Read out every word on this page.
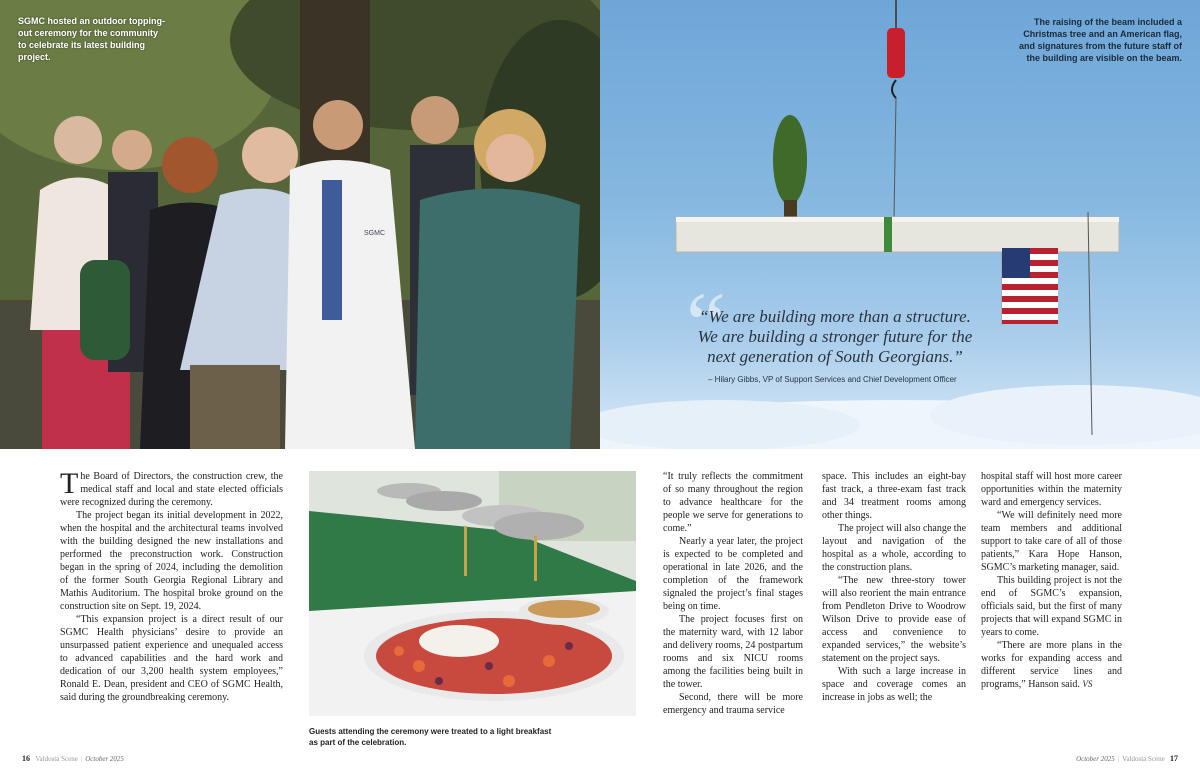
SGMC
SGMC hosted an outdoor topping-out ceremony for the community to celebrate its latest building project.
The raising of the beam included a Christmas tree and an American flag, and signatures from the future staff of the building are visible on the beam.
“
“We are building more than a structure. We are building a stronger future for the next generation of South Georgians.”
– Hilary Gibbs, VP of Support Services and Chief Development Officer

The Board of Directors, the construction crew, the medical staff and local and state elected officials were recognized during the ceremony.

The project began its initial development in 2022, when the hospital and the architectural teams involved with the building designed the new installations and performed the preconstruction work. Construction began in the spring of 2024, including the demolition of the former South Georgia Regional Library and Mathis Auditorium. The hospital broke ground on the construction site on Sept. 19, 2024.

“This expansion project is a direct result of our SGMC Health physicians’ desire to provide an unsurpassed patient experience and unequaled access to advanced capabilities and the hard work and dedication of our 3,200 health system employees,” Ronald E. Dean, president and CEO of SGMC Health, said during the groundbreaking ceremony.

Guests attending the ceremony were treated to a light breakfast as part of the celebration.

“It truly reflects the commitment of so many throughout the region to advance healthcare for the people we serve for generations to come.”

Nearly a year later, the project is expected to be completed and operational in late 2026, and the completion of the framework signaled the project’s final stages being on time.

The project focuses first on the maternity ward, with 12 labor and delivery rooms, 24 postpartum rooms and six NICU rooms among the facilities being built in the tower.

Second, there will be more emergency and trauma service

space. This includes an eight-bay fast track, a three-exam fast track and 34 treatment rooms among other things.

The project will also change the layout and navigation of the hospital as a whole, according to the construction plans.

“The new three-story tower will also reorient the main entrance from Pendleton Drive to Woodrow Wilson Drive to provide ease of access and convenience to expanded services,” the website’s statement on the project says.

With such a large increase in space and coverage comes an increase in jobs as well; the

hospital staff will host more career opportunities within the maternity ward and emergency services.

“We will definitely need more team members and additional support to take care of all of those patients,” Kara Hope Hanson, SGMC’s marketing manager, said.

This building project is not the end of SGMC’s expansion, officials said, but the first of many projects that will expand SGMC in years to come.

“There are more plans in the works for expanding access and different service lines and programs,” Hanson said. VS

16 Valdosta Scene | October 2025	October 2025 | Valdosta Scene 17
